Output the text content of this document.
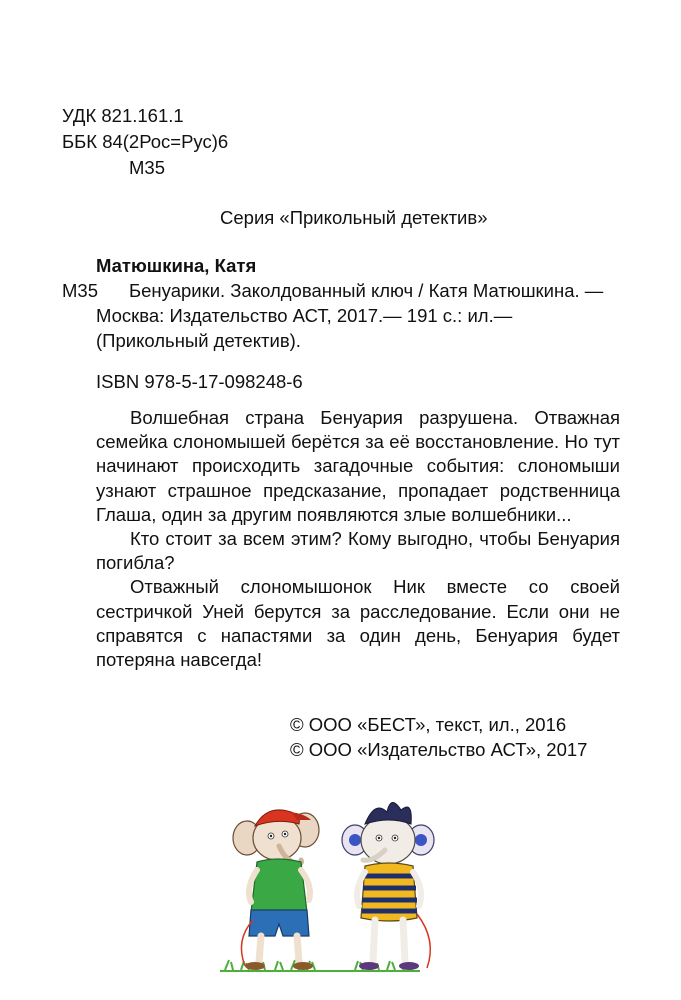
УДК 821.161.1
ББК 84(2Рос=Рус)6
М35
Серия «Прикольный детектив»
Матюшкина, Катя
М35 Бенуарики. Заколдованный ключ / Катя Матюшкина. —
Москва: Издательство АСТ, 2017.— 191 с.: ил.—
(Прикольный детектив).
ISBN 978-5-17-098248-6

Волшебная страна Бенуария разрушена. Отважная семейка слономышей берётся за её восстановление. Но тут начинают происходить загадочные события: слономыши узнают страшное предсказание, пропадает родственница Глаша, один за другим появляются злые волшебники...

Кто стоит за всем этим? Кому выгодно, чтобы Бенуария погибла?

Отважный слономышонок Ник вместе со своей сестричкой Уней берутся за расследование. Если они не справятся с напастями за один день, Бенуария будет потеряна навсегда!

© ООО «БЕСТ», текст, ил., 2016
© ООО «Издательство АСТ», 2017
